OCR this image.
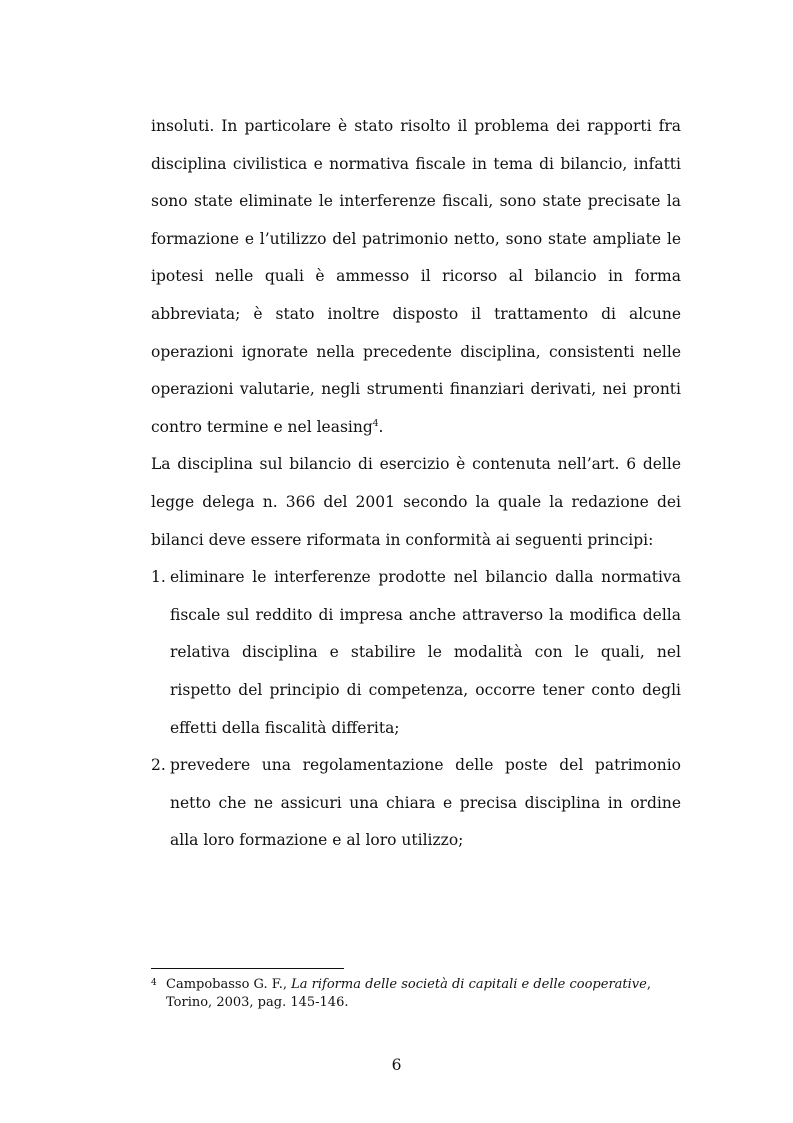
insoluti. In particolare è stato risolto il problema dei rapporti fra disciplina civilistica e normativa fiscale in tema di bilancio, infatti sono state eliminate le interferenze fiscali, sono state precisate la formazione e l’utilizzo del patrimonio netto, sono state ampliate le ipotesi nelle quali è ammesso il ricorso al bilancio in forma abbreviata; è stato inoltre disposto il trattamento di alcune operazioni ignorate nella precedente disciplina, consistenti nelle operazioni valutarie, negli strumenti finanziari derivati, nei pronti contro termine e nel leasing$^4$.

La disciplina sul bilancio di esercizio è contenuta nell’art. 6 delle legge delega n. 366 del 2001 secondo la quale la redazione dei bilanci deve essere riformata in conformità ai seguenti principi:

1. eliminare le interferenze prodotte nel bilancio dalla normativa fiscale sul reddito di impresa anche attraverso la modifica della relativa disciplina e stabilire le modalità con le quali, nel rispetto del principio di competenza, occorre tener conto degli effetti della fiscalità differita;
2. prevedere una regolamentazione delle poste del patrimonio netto che ne assicuri una chiara e precisa disciplina in ordine alla loro formazione e al loro utilizzo;
4 Campobasso G. F., La riforma delle società di capitali e delle cooperative,
Torino, 2003, pag. 145-146.
6
